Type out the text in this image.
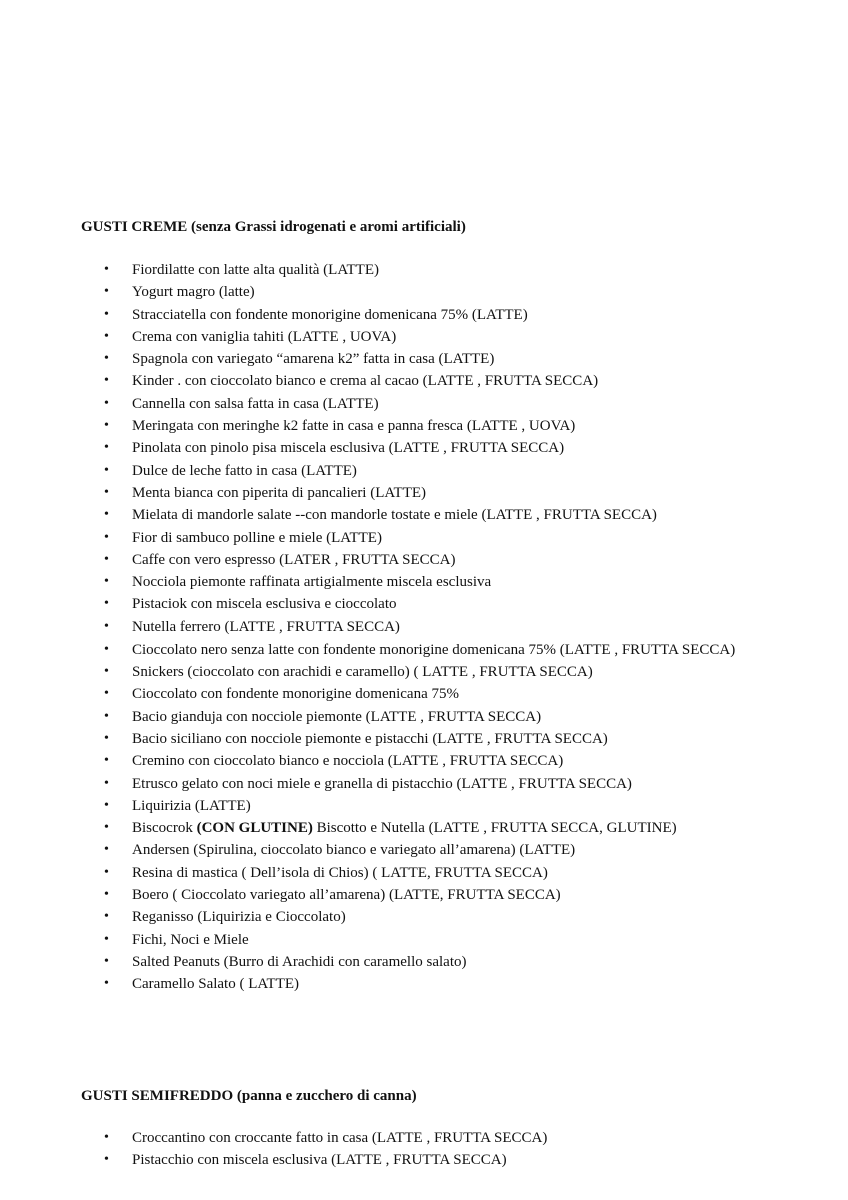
GUSTI CREME (senza Grassi idrogenati e aromi artificiali)
• Fiordilatte con latte alta qualità (LATTE)
• Yogurt magro (latte)
• Stracciatella con fondente monorigine domenicana 75% (LATTE)
• Crema con vaniglia tahiti (LATTE , UOVA)
• Spagnola con variegato “amarena k2” fatta in casa (LATTE)
• Kinder . con cioccolato bianco e crema al cacao (LATTE , FRUTTA SECCA)
• Cannella con salsa fatta in casa (LATTE)
• Meringata con meringhe k2 fatte in casa e panna fresca (LATTE , UOVA)
• Pinolata con pinolo pisa miscela esclusiva (LATTE , FRUTTA SECCA)
• Dulce de leche fatto in casa (LATTE)
• Menta bianca con piperita di pancalieri (LATTE)
• Mielata di mandorle salate --con mandorle tostate e miele (LATTE , FRUTTA SECCA)
• Fior di sambuco polline e miele (LATTE)
• Caffe con vero espresso (LATER , FRUTTA SECCA)
• Nocciola piemonte raffinata artigialmente miscela esclusiva
• Pistaciok con miscela esclusiva e cioccolato
• Nutella ferrero (LATTE , FRUTTA SECCA)
• Cioccolato nero senza latte con fondente monorigine domenicana 75% (LATTE , FRUTTA SECCA)
• Snickers (cioccolato con arachidi e caramello) ( LATTE , FRUTTA SECCA)
• Cioccolato con fondente monorigine domenicana 75%
• Bacio gianduja con nocciole piemonte (LATTE , FRUTTA SECCA)
• Bacio siciliano con nocciole piemonte e pistacchi (LATTE , FRUTTA SECCA)
• Cremino con cioccolato bianco e nocciola (LATTE , FRUTTA SECCA)
• Etrusco gelato con noci miele e granella di pistacchio (LATTE , FRUTTA SECCA)
• Liquirizia (LATTE)
• Biscocrok (CON GLUTINE) Biscotto e Nutella (LATTE , FRUTTA SECCA, GLUTINE)
• Andersen (Spirulina, cioccolato bianco e variegato all’amarena) (LATTE)
• Resina di mastica ( Dell’isola di Chios) ( LATTE, FRUTTA SECCA)
• Boero ( Cioccolato variegato all’amarena) (LATTE, FRUTTA SECCA)
• Reganisso (Liquirizia e Cioccolato)
• Fichi, Noci e Miele
• Salted Peanuts (Burro di Arachidi con caramello salato)
• Caramello Salato ( LATTE)
GUSTI SEMIFREDDO (panna e zucchero di canna)
• Croccantino con croccante fatto in casa (LATTE , FRUTTA SECCA)
• Pistacchio con miscela esclusiva (LATTE , FRUTTA SECCA)
